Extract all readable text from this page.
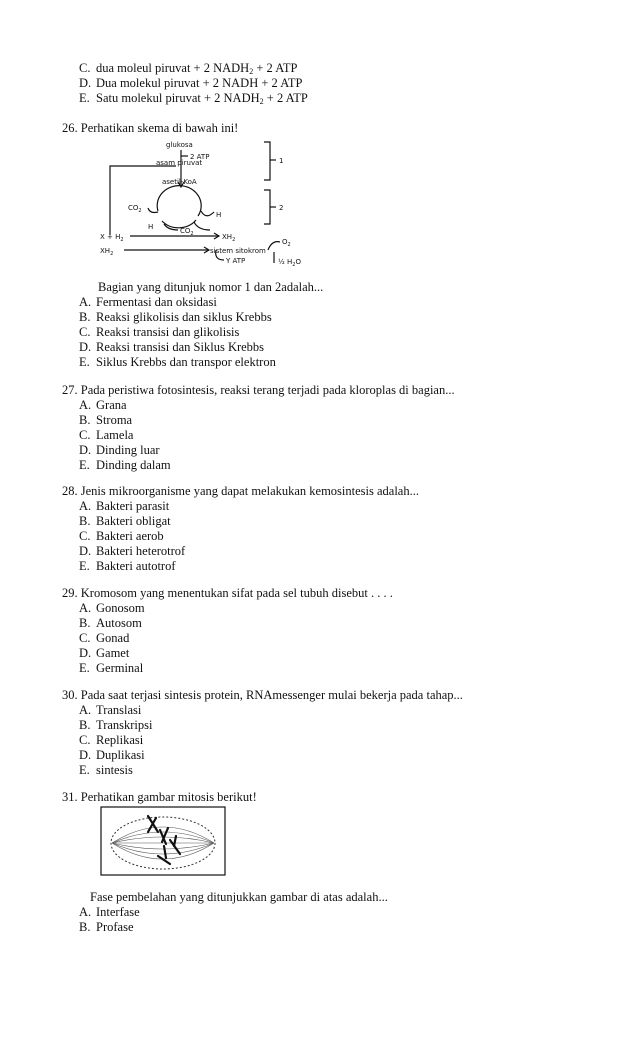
C. dua moleul piruvat + 2 $NADH_2 + 2$ ATP
D. Dua molekul piruvat + 2 NADH + 2 ATP
E. Satu molekul piruvat + 2 $NADH_2 + 2$ ATP
26. Perhatikan skema di bawah ini!
glukosa
2 ATP
asam piruvat
asetil-KoA
$CO_2$	H
H	$CO_2$
$X + H_2$	$XH_2$
$XH_2$	sistem sitokrom
$O_2$
Y ATP	½ $H_2O$
1
2
Bagian yang ditunjuk nomor 1 dan 2adalah...
A. Fermentasi dan oksidasi
B. Reaksi glikolisis dan siklus Krebbs
C. Reaksi transisi dan glikolisis
D. Reaksi transisi dan Siklus Krebbs
E. Siklus Krebbs dan transpor elektron
27. Pada peristiwa fotosintesis, reaksi terang terjadi pada kloroplas di bagian...
A. Grana
B. Stroma
C. Lamela
D. Dinding luar
E. Dinding dalam
28. Jenis mikroorganisme yang dapat melakukan kemosintesis adalah...
A. Bakteri parasit
B. Bakteri obligat
C. Bakteri aerob
D. Bakteri heterotrof
E. Bakteri autotrof
29. Kromosom yang menentukan sifat pada sel tubuh disebut . . . .
A. Gonosom
B. Autosom
C. Gonad
D. Gamet
E. Germinal
30. Pada saat terjasi sintesis protein, RNAmessenger mulai bekerja pada tahap...
A. Translasi
B. Transkripsi
C. Replikasi
D. Duplikasi
E. sintesis
31. Perhatikan gambar mitosis berikut!
Fase pembelahan yang ditunjukkan gambar di atas adalah...
A. Interfase
B. Profase
